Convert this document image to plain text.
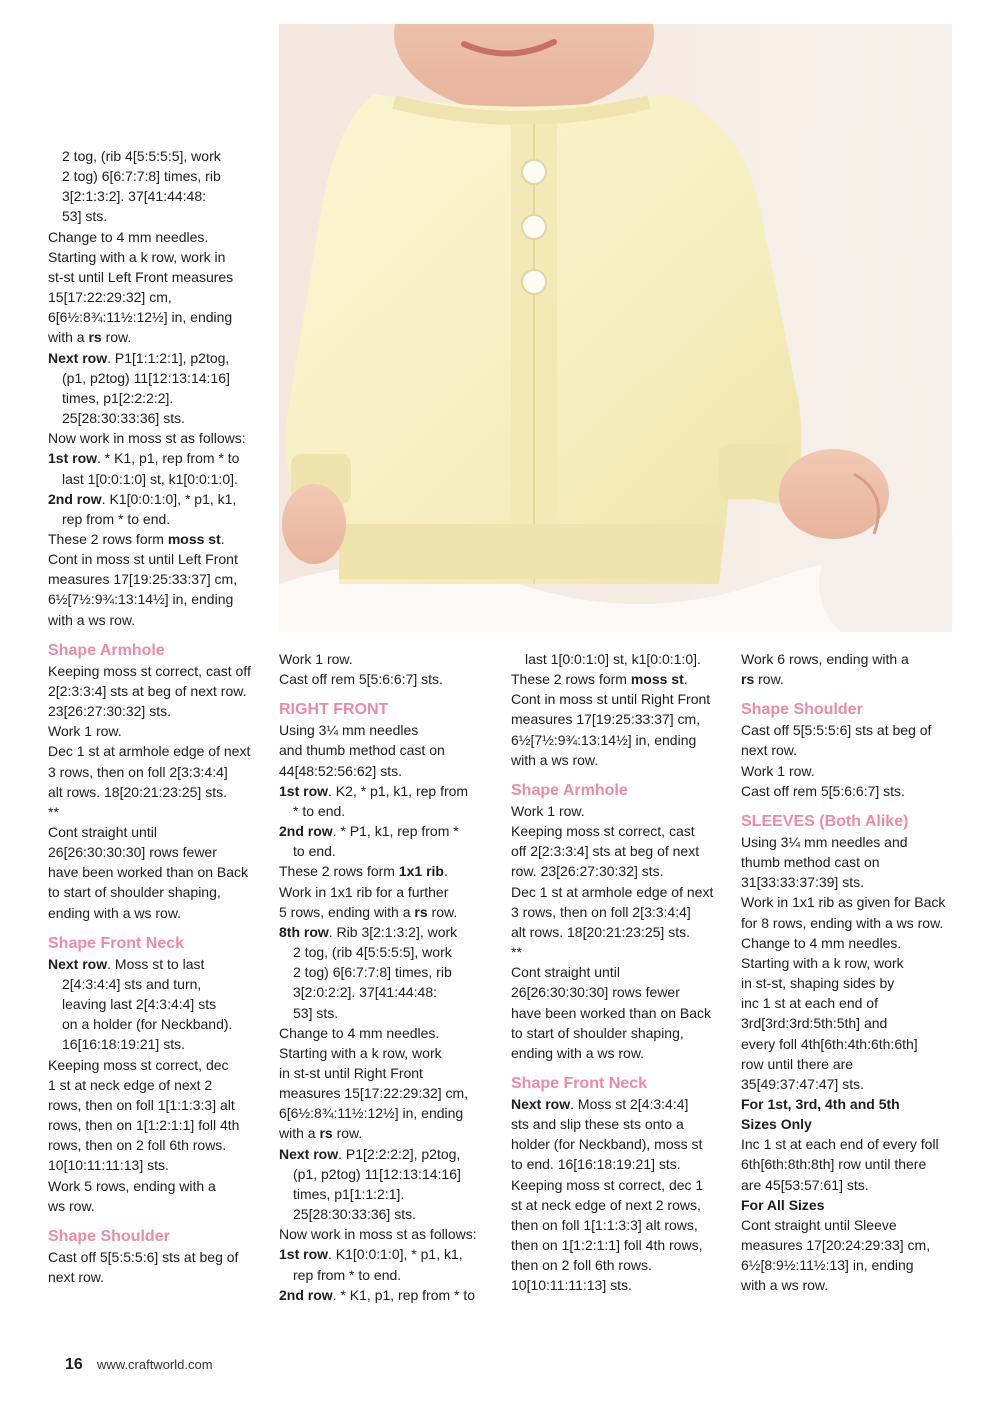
2 tog, (rib 4[5:5:5:5], work

2 tog) 6[6:7:7:8] times, rib

3[2:1:3:2]. 37[41:44:48:

53] sts.

Change to 4 mm needles.

Starting with a k row, work in

st-st until Left Front measures

15[17:22:29:32] cm,

6[6½:8¾:11½:12½] in, ending

with a rs row.

Next row. P1[1:1:2:1], p2tog,

(p1, p2tog) 11[12:13:14:16]

times, p1[2:2:2:2].

25[28:30:33:36] sts.

Now work in moss st as follows:

1st row. * K1, p1, rep from * to

last 1[0:0:1:0] st, k1[0:0:1:0].

2nd row. K1[0:0:1:0], * p1, k1,

rep from * to end.

These 2 rows form moss st.

Cont in moss st until Left Front

measures 17[19:25:33:37] cm,

6½[7½:9¾:13:14½] in, ending

with a ws row.

Shape Armhole

Keeping moss st correct, cast off

2[2:3:3:4] sts at beg of next row.

23[26:27:30:32] sts.

Work 1 row.

Dec 1 st at armhole edge of next

3 rows, then on foll 2[3:3:4:4]

alt rows. 18[20:21:23:25] sts.

**

Cont straight until

26[26:30:30:30] rows fewer

have been worked than on Back

to start of shoulder shaping,

ending with a ws row.

Shape Front Neck

Next row. Moss st to last

2[4:3:4:4] sts and turn,

leaving last 2[4:3:4:4] sts

on a holder (for Neckband).

16[16:18:19:21] sts.

Keeping moss st correct, dec

1 st at neck edge of next 2

rows, then on foll 1[1:1:3:3] alt

rows, then on 1[1:2:1:1] foll 4th

rows, then on 2 foll 6th rows.

10[10:11:11:13] sts.

Work 5 rows, ending with a

ws row.

Shape Shoulder

Cast off 5[5:5:5:6] sts at beg of

next row.

Work 1 row.

Cast off rem 5[5:6:6:7] sts.

RIGHT FRONT

Using 3¼ mm needles

and thumb method cast on

44[48:52:56:62] sts.

1st row. K2, * p1, k1, rep from

* to end.

2nd row. * P1, k1, rep from *

to end.

These 2 rows form 1x1 rib.

Work in 1x1 rib for a further

5 rows, ending with a rs row.

8th row. Rib 3[2:1:3:2], work

2 tog, (rib 4[5:5:5:5], work

2 tog) 6[6:7:7:8] times, rib

3[2:0:2:2]. 37[41:44:48:

53] sts.

Change to 4 mm needles.

Starting with a k row, work

in st-st until Right Front

measures 15[17:22:29:32] cm,

6[6½:8¾:11½:12½] in, ending

with a rs row.

Next row. P1[2:2:2:2], p2tog,

(p1, p2tog) 11[12:13:14:16]

times, p1[1:1:2:1].

25[28:30:33:36] sts.

Now work in moss st as follows:

1st row. K1[0:0:1:0], * p1, k1,

rep from * to end.

2nd row. * K1, p1, rep from * to

last 1[0:0:1:0] st, k1[0:0:1:0].

These 2 rows form moss st.

Cont in moss st until Right Front

measures 17[19:25:33:37] cm,

6½[7½:9¾:13:14½] in, ending

with a ws row.

Shape Armhole

Work 1 row.

Keeping moss st correct, cast

off 2[2:3:3:4] sts at beg of next

row. 23[26:27:30:32] sts.

Dec 1 st at armhole edge of next

3 rows, then on foll 2[3:3:4:4]

alt rows. 18[20:21:23:25] sts.

**

Cont straight until

26[26:30:30:30] rows fewer

have been worked than on Back

to start of shoulder shaping,

ending with a ws row.

Shape Front Neck

Next row. Moss st 2[4:3:4:4]

sts and slip these sts onto a

holder (for Neckband), moss st

to end. 16[16:18:19:21] sts.

Keeping moss st correct, dec 1

st at neck edge of next 2 rows,

then on foll 1[1:1:3:3] alt rows,

then on 1[1:2:1:1] foll 4th rows,

then on 2 foll 6th rows.

10[10:11:11:13] sts.

Work 6 rows, ending with a

rs row.

Shape Shoulder

Cast off 5[5:5:5:6] sts at beg of

next row.

Work 1 row.

Cast off rem 5[5:6:6:7] sts.

SLEEVES (Both Alike)

Using 3¼ mm needles and

thumb method cast on

31[33:33:37:39] sts.

Work in 1x1 rib as given for Back

for 8 rows, ending with a ws row.

Change to 4 mm needles.

Starting with a k row, work

in st-st, shaping sides by

inc 1 st at each end of

3rd[3rd:3rd:5th:5th] and

every foll 4th[6th:4th:6th:6th]

row until there are

35[49:37:47:47] sts.

For 1st, 3rd, 4th and 5th

Sizes Only

Inc 1 st at each end of every foll

6th[6th:8th:8th] row until there

are 45[53:57:61] sts.

For All Sizes

Cont straight until Sleeve

measures 17[20:24:29:33] cm,

6½[8:9½:11½:13] in, ending

with a ws row.

16 www.craftworld.com
